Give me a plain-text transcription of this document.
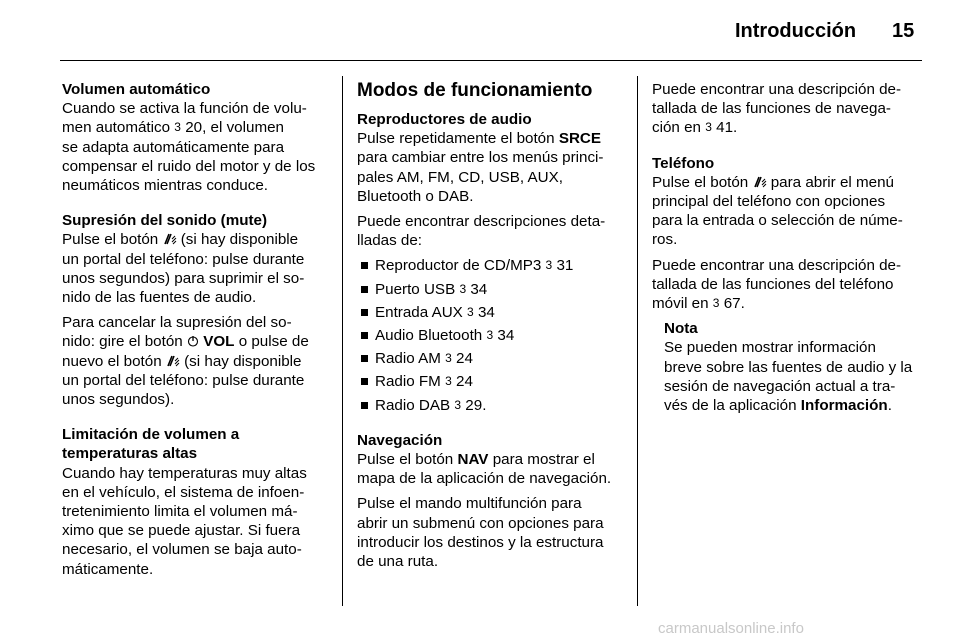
Introducción 15
Volumen automático
Cuando se activa la función de volu-
men automático 3 20, el volumen
se adapta automáticamente para
compensar el ruido del motor y de los
neumáticos mientras conduce.
Supresión del sonido (mute)
Pulse el botón (si hay disponible
un portal del teléfono: pulse durante
unos segundos) para suprimir el so-
nido de las fuentes de audio.
Para cancelar la supresión del so-
nido: gire el botón VOL o pulse de
nuevo el botón (si hay disponible
un portal del teléfono: pulse durante
unos segundos).
Limitación de volumen a
temperaturas altas
Cuando hay temperaturas muy altas
en el vehículo, el sistema de infoen-
tretenimiento limita el volumen má-
ximo que se puede ajustar. Si fuera
necesario, el volumen se baja auto-
máticamente.
Modos de funcionamiento
Reproductores de audio
Pulse repetidamente el botón SRCE
para cambiar entre los menús princi-
pales AM, FM, CD, USB, AUX,
Bluetooth o DAB.
Puede encontrar descripciones deta-
lladas de:
Reproductor de CD/MP3 3 31
Puerto USB 3 34
Entrada AUX 3 34
Audio Bluetooth 3 34
Radio AM 3 24
Radio FM 3 24
Radio DAB 3 29.
Navegación
Pulse el botón NAV para mostrar el
mapa de la aplicación de navegación.
Pulse el mando multifunción para
abrir un submenú con opciones para
introducir los destinos y la estructura
de una ruta.
Puede encontrar una descripción de-
tallada de las funciones de navega-
ción en 3 41.
Teléfono
Pulse el botón para abrir el menú
principal del teléfono con opciones
para la entrada o selección de núme-
ros.
Puede encontrar una descripción de-
tallada de las funciones del teléfono
móvil en 3 67.
Nota
Se pueden mostrar información
breve sobre las fuentes de audio y la
sesión de navegación actual a tra-
vés de la aplicación Información.
carmanualsonline.info
